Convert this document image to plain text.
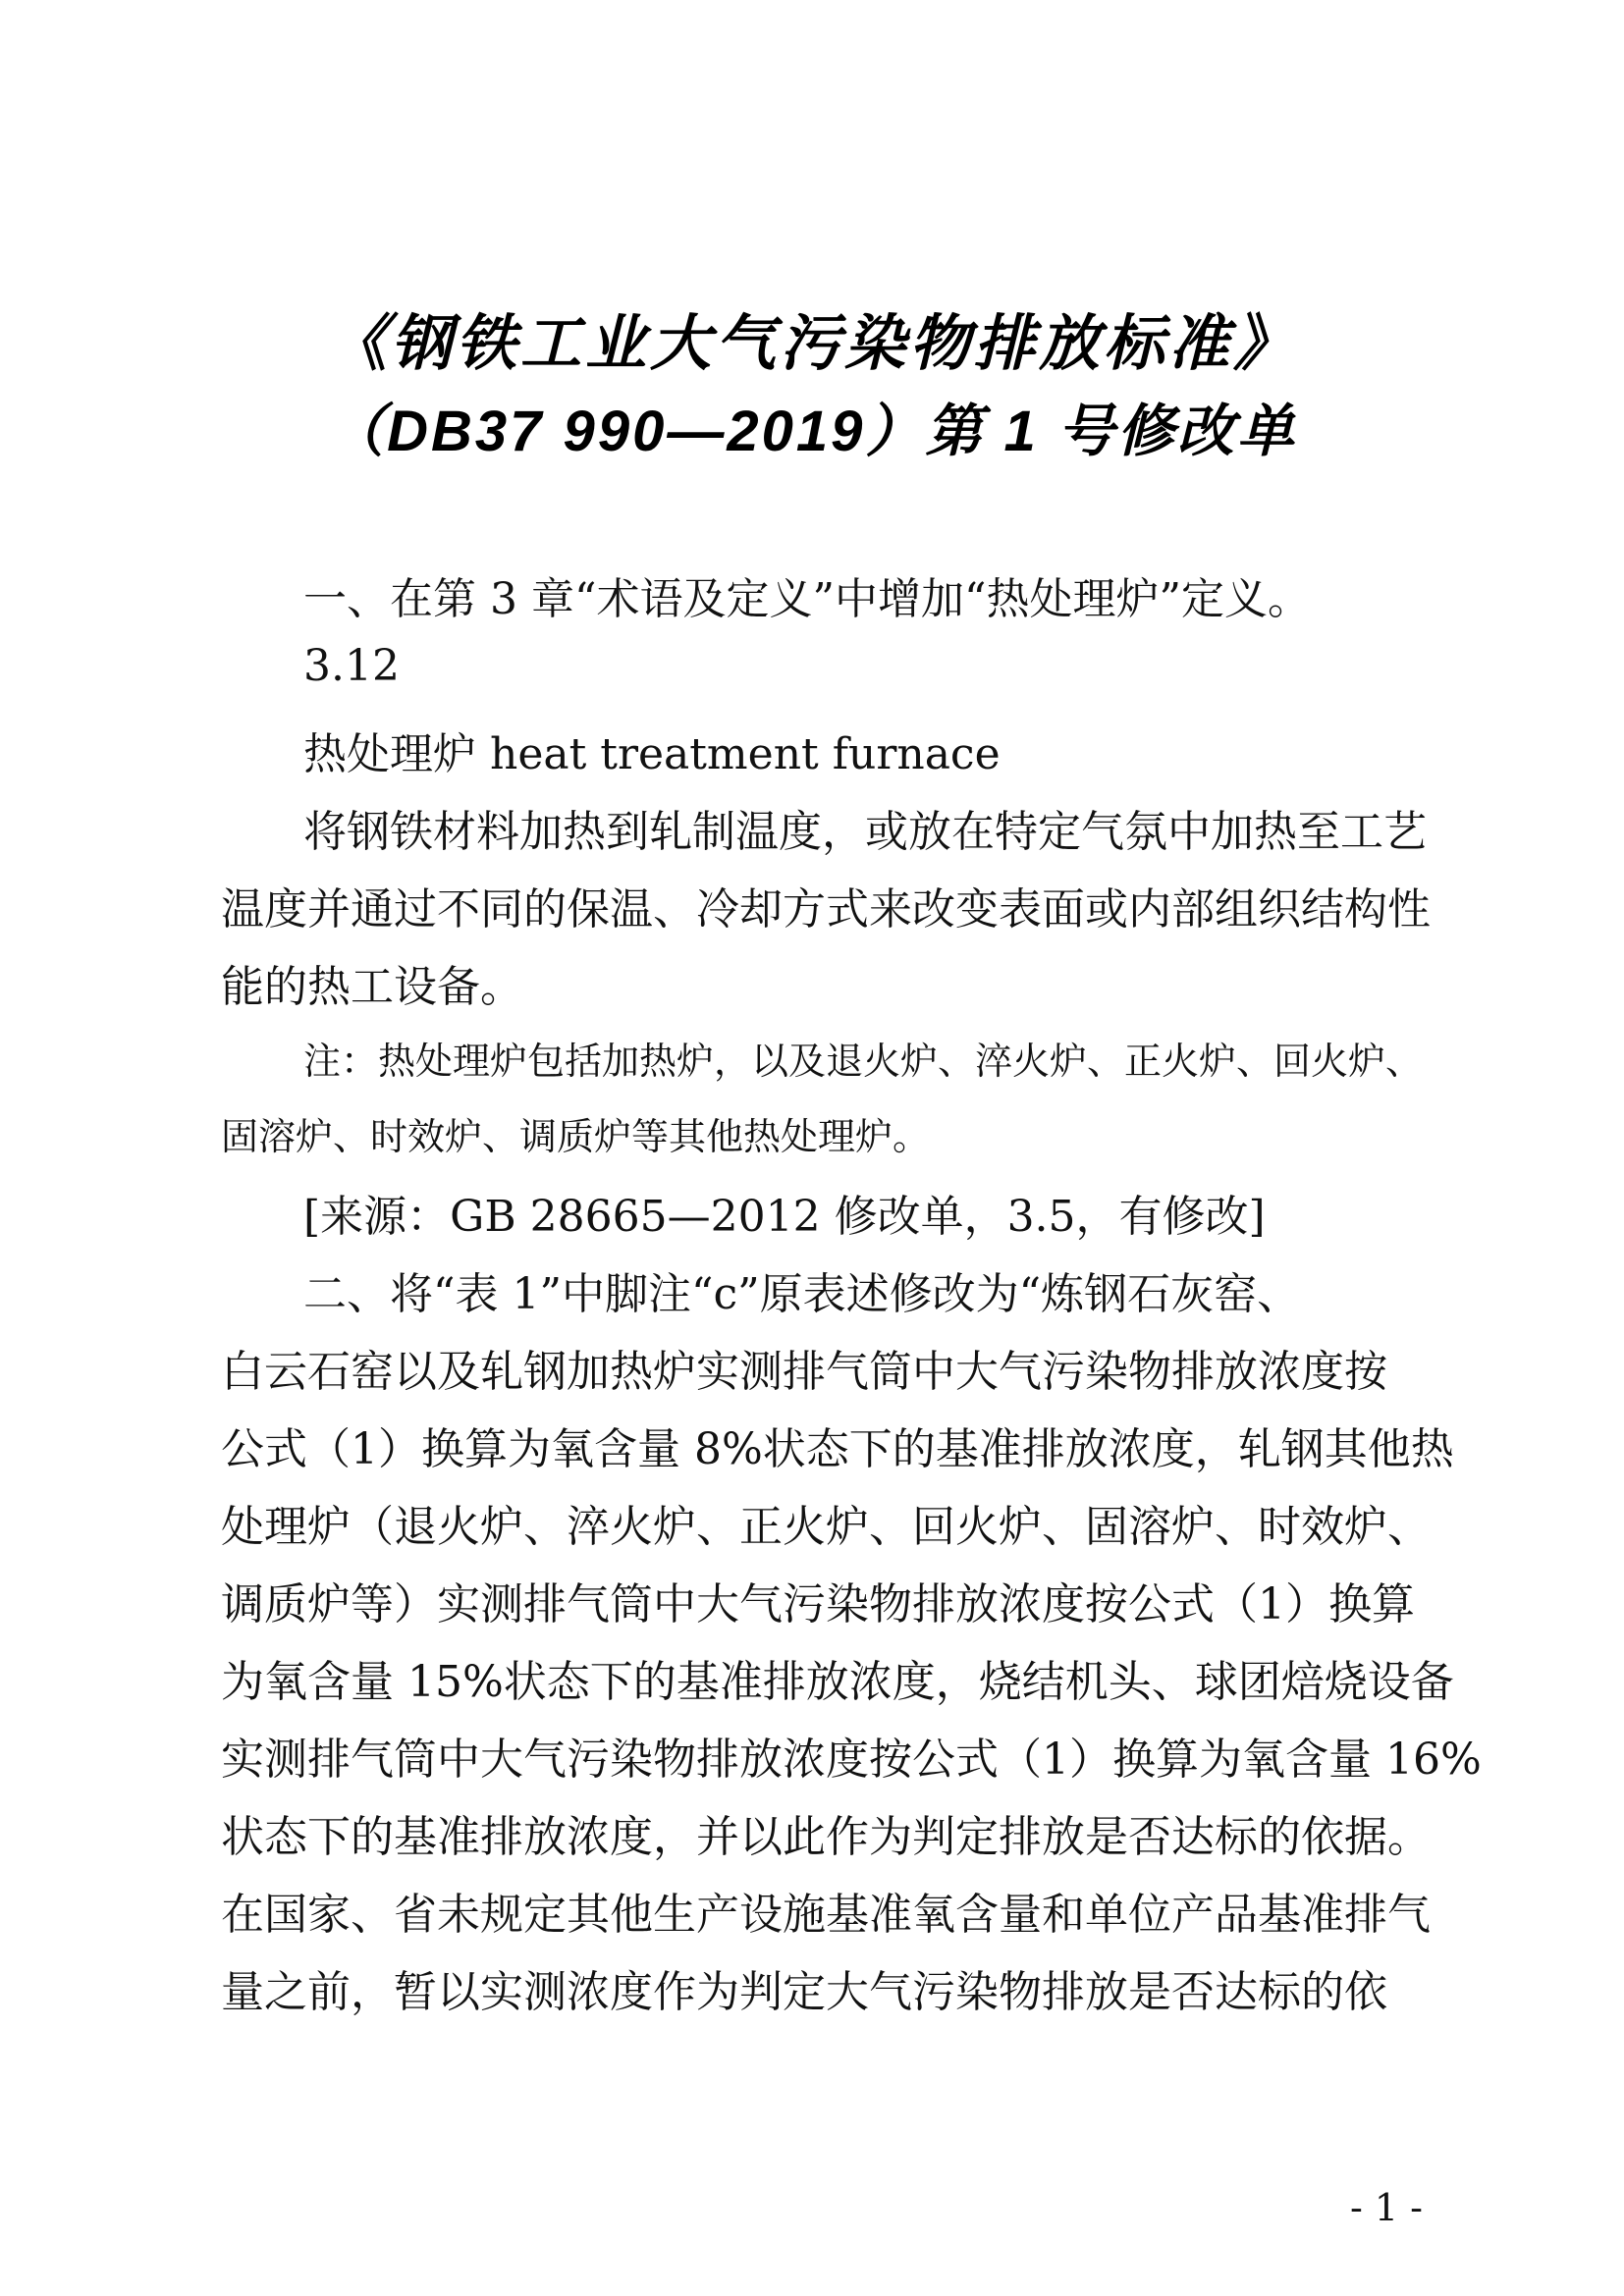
《钢铁工业大气污染物排放标准》
（DB37 990—2019）第 1 号修改单
一、在第 3 章“术语及定义”中增加“热处理炉”定义。
3.12
热处理炉 heat treatment furnace
将钢铁材料加热到轧制温度，或放在特定气氛中加热至工艺
温度并通过不同的保温、冷却方式来改变表面或内部组织结构性
能的热工设备。
注：热处理炉包括加热炉，以及退火炉、淬火炉、正火炉、回火炉、
固溶炉、时效炉、调质炉等其他热处理炉。
[来源：GB 28665—2012 修改单，3.5，有修改]
二、将“表 1”中脚注“c”原表述修改为“炼钢石灰窑、
白云石窑以及轧钢加热炉实测排气筒中大气污染物排放浓度按
公式（1）换算为氧含量 8%状态下的基准排放浓度，轧钢其他热
处理炉（退火炉、淬火炉、正火炉、回火炉、固溶炉、时效炉、
调质炉等）实测排气筒中大气污染物排放浓度按公式（1）换算
为氧含量 15%状态下的基准排放浓度，烧结机头、球团焙烧设备
实测排气筒中大气污染物排放浓度按公式（1）换算为氧含量 16%
状态下的基准排放浓度，并以此作为判定排放是否达标的依据。
在国家、省未规定其他生产设施基准氧含量和单位产品基准排气
量之前，暂以实测浓度作为判定大气污染物排放是否达标的依
- 1 -
